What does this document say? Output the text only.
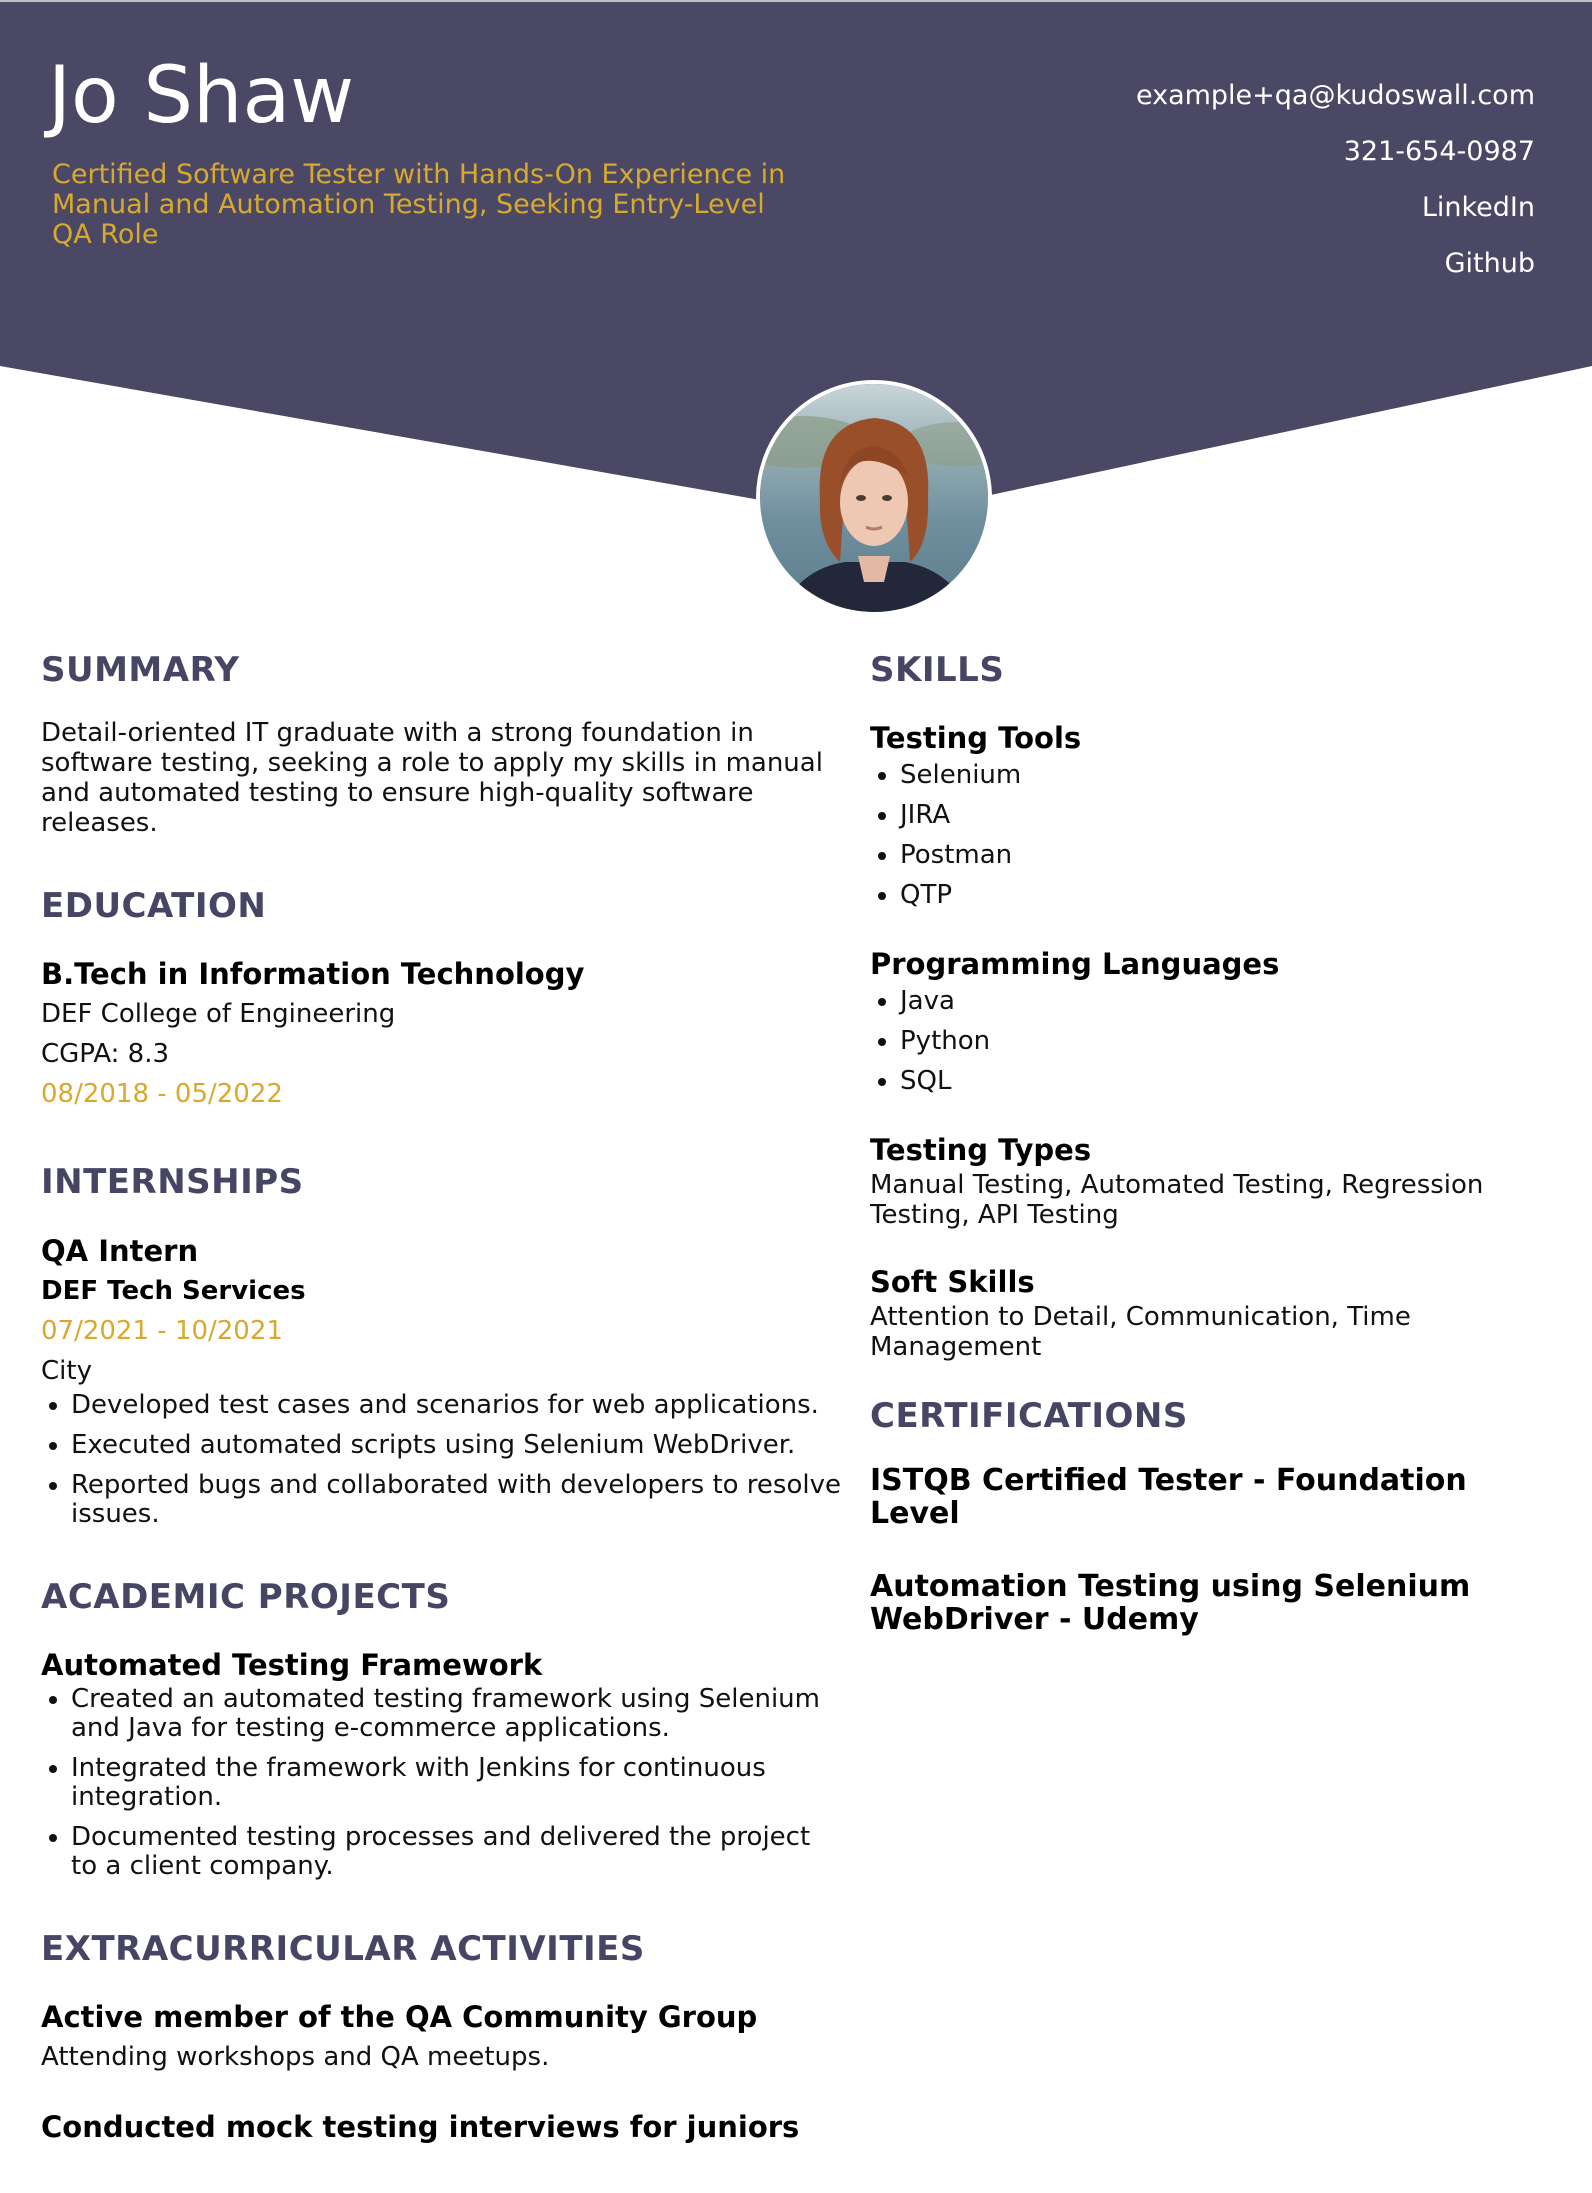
Jo Shaw
Certified Software Tester with Hands-On Experience in Manual and Automation Testing, Seeking Entry-Level QA Role
example+qa@kudoswall.com
321-654-0987
LinkedIn
Github
SUMMARY
Detail-oriented IT graduate with a strong foundation in software testing, seeking a role to apply my skills in manual and automated testing to ensure high-quality software releases.
EDUCATION
B.Tech in Information Technology
DEF College of Engineering
CGPA: 8.3
08/2018 - 05/2022
INTERNSHIPS
QA Intern
DEF Tech Services
07/2021 - 10/2021
City
• Developed test cases and scenarios for web applications.
• Executed automated scripts using Selenium WebDriver.
• Reported bugs and collaborated with developers to resolve issues.
ACADEMIC PROJECTS
Automated Testing Framework
• Created an automated testing framework using Selenium and Java for testing e-commerce applications.
• Integrated the framework with Jenkins for continuous integration.
• Documented testing processes and delivered the project to a client company.
EXTRACURRICULAR ACTIVITIES
Active member of the QA Community Group
Attending workshops and QA meetups.
Conducted mock testing interviews for juniors
SKILLS
Testing Tools
• Selenium
• JIRA
• Postman
• QTP
Programming Languages
• Java
• Python
• SQL
Testing Types
Manual Testing, Automated Testing, Regression Testing, API Testing
Soft Skills
Attention to Detail, Communication, Time Management
CERTIFICATIONS
ISTQB Certified Tester - Foundation Level
Automation Testing using Selenium WebDriver - Udemy
